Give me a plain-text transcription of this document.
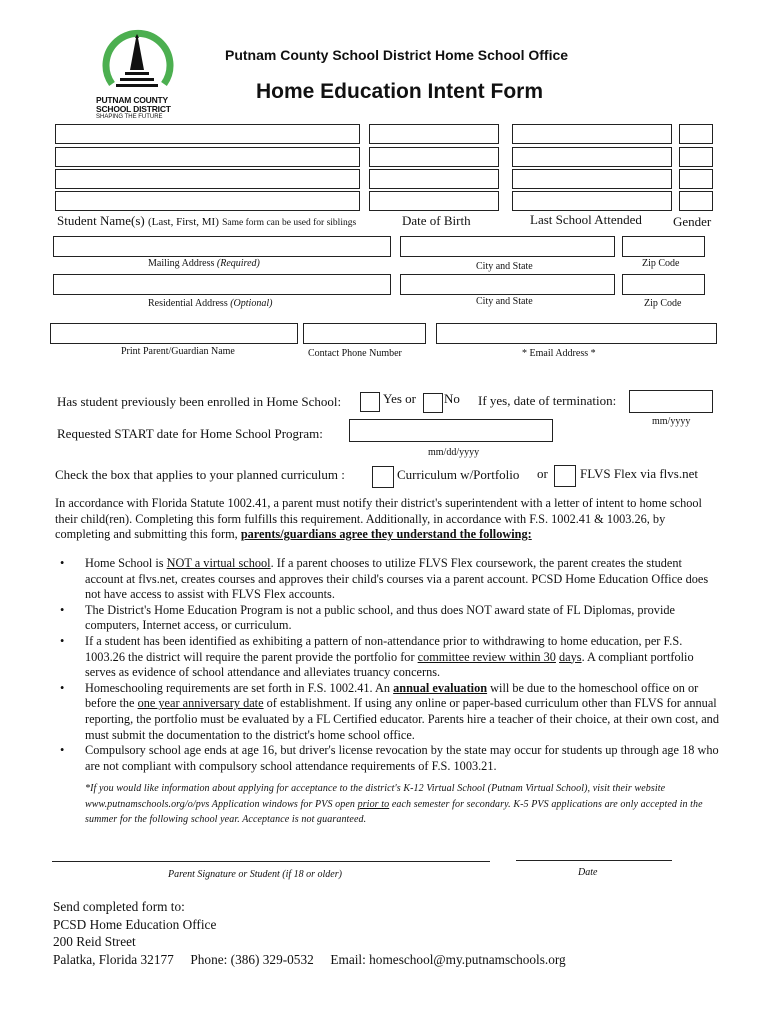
PUTNAM COUNTY
SCHOOL DISTRICT
SHAPING THE FUTURE
Putnam County School District Home School Office
Home Education Intent Form
Student Name(s) (Last, First, MI) Same form can be used for siblings	Date of Birth	Last School Attended Gender
Mailing Address (Required)	City and State	Zip Code
Residential Address (Optional)	City and State	Zip Code
Print Parent/Guardian Name	Contact Phone Number	* Email Address *
Has student previously been enrolled in Home School:	Yes or No If yes, date of termination:
mm/yyyy
Requested START date for Home School Program:
mm/dd/yyyy
Check the box that applies to your planned curriculum :	Curriculum w/Portfolio or FLVS Flex via flvs.net
In accordance with Florida Statute 1002.41, a parent must notify their district's superintendent with a letter of intent to home school their child(ren). Completing this form fulfills this requirement. Additionally, in accordance with F.S. 1002.41 & 1003.26, by completing and submitting this form, parents/guardians agree they understand the following:
• Home School is NOT a virtual school. If a parent chooses to utilize FLVS Flex coursework, the parent creates the student account at flvs.net, creates courses and approves their child's courses via a parent account. PCSD Home Education Office does not have access to assist with FLVS Flex accounts.
• The District's Home Education Program is not a public school, and thus does NOT award state of FL Diplomas, provide computers, Internet access, or curriculum.
• If a student has been identified as exhibiting a pattern of non-attendance prior to withdrawing to home education, per F.S. 1003.26 the district will require the parent provide the portfolio for committee review within 30 days. A compliant portfolio serves as evidence of school attendance and alleviates truancy concerns.
• Homeschooling requirements are set forth in F.S. 1002.41. An annual evaluation will be due to the homeschool office on or before the one year anniversary date of establishment. If using any online or paper-based curriculum other than FLVS for annual reporting, the portfolio must be evaluated by a FL Certified educator. Parents hire a teacher of their choice, at their own cost, and must submit the documentation to the district's home school office.
• Compulsory school age ends at age 16, but driver's license revocation by the state may occur for students up through age 18 who are not compliant with compulsory school attendance requirements of F.S. 1003.21.
*If you would like information about applying for acceptance to the district's K-12 Virtual School (Putnam Virtual School), visit their website www.putnamschools.org/o/pvs Application windows for PVS open prior to each semester for secondary. K-5 PVS applications are only accepted in the summer for the following school year. Acceptance is not guaranteed.
Parent Signature or Student (if 18 or older)	Date
Send completed form to:
PCSD Home Education Office
200 Reid Street
Palatka, Florida 32177 Phone: (386) 329-0532 Email: homeschool@my.putnamschools.org
